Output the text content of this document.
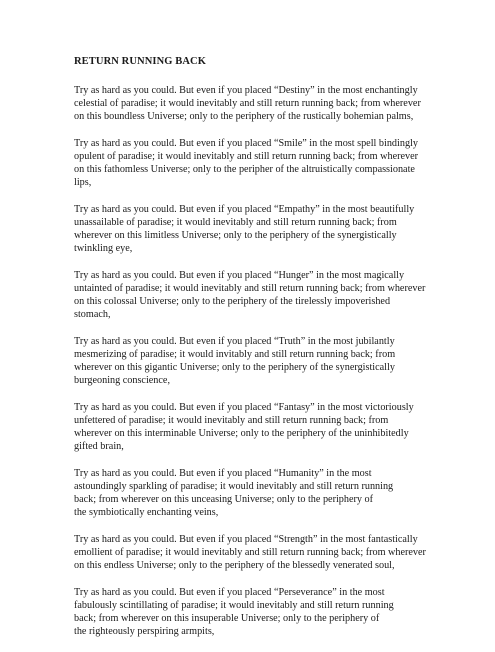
RETURN RUNNING BACK
Try as hard as you could. But even if you placed “Destiny” in the most enchantingly
celestial of paradise; it would inevitably and still return running back; from wherever
on this boundless Universe; only to the periphery of the rustically bohemian palms,
Try as hard as you could. But even if you placed “Smile” in the most spell bindingly
opulent of paradise; it would inevitably and still return running back; from wherever
on this fathomless Universe; only to the peripher of the altruistically compassionate
lips,
Try as hard as you could. But even if you placed “Empathy” in the most beautifully
unassailable of paradise; it would inevitably and still return running back; from
wherever on this limitless Universe; only to the periphery of the synergistically
twinkling eye,
Try as hard as you could. But even if you placed “Hunger” in the most magically
untainted of paradise; it would inevitably and still return running back; from wherever
on this colossal Universe; only to the periphery of the tirelessly impoverished
stomach,
Try as hard as you could. But even if you placed “Truth” in the most jubilantly
mesmerizing of paradise; it would invitably and still return running back; from
wherever on this gigantic Universe; only to the periphery of the synergistically
burgeoning conscience,
Try as hard as you could. But even if you placed “Fantasy” in the most victoriously
unfettered of paradise; it would inevitably and still return running back; from
wherever on this interminable Universe; only to the periphery of the uninhibitedly
gifted brain,
Try as hard as you could. But even if you placed “Humanity” in the most
astoundingly sparkling of paradise; it would inevitably and still return running
back; from wherever on this unceasing Universe; only to the periphery of
the symbiotically enchanting veins,
Try as hard as you could. But even if you placed “Strength” in the most fantastically
emollient of paradise; it would inevitably and still return running back; from wherever
on this endless Universe; only to the periphery of the blessedly venerated soul,
Try as hard as you could. But even if you placed “Perseverance” in the most
fabulously scintillating of paradise; it would inevitably and still return running
back; from wherever on this insuperable Universe; only to the periphery of
the righteously perspiring armpits,
